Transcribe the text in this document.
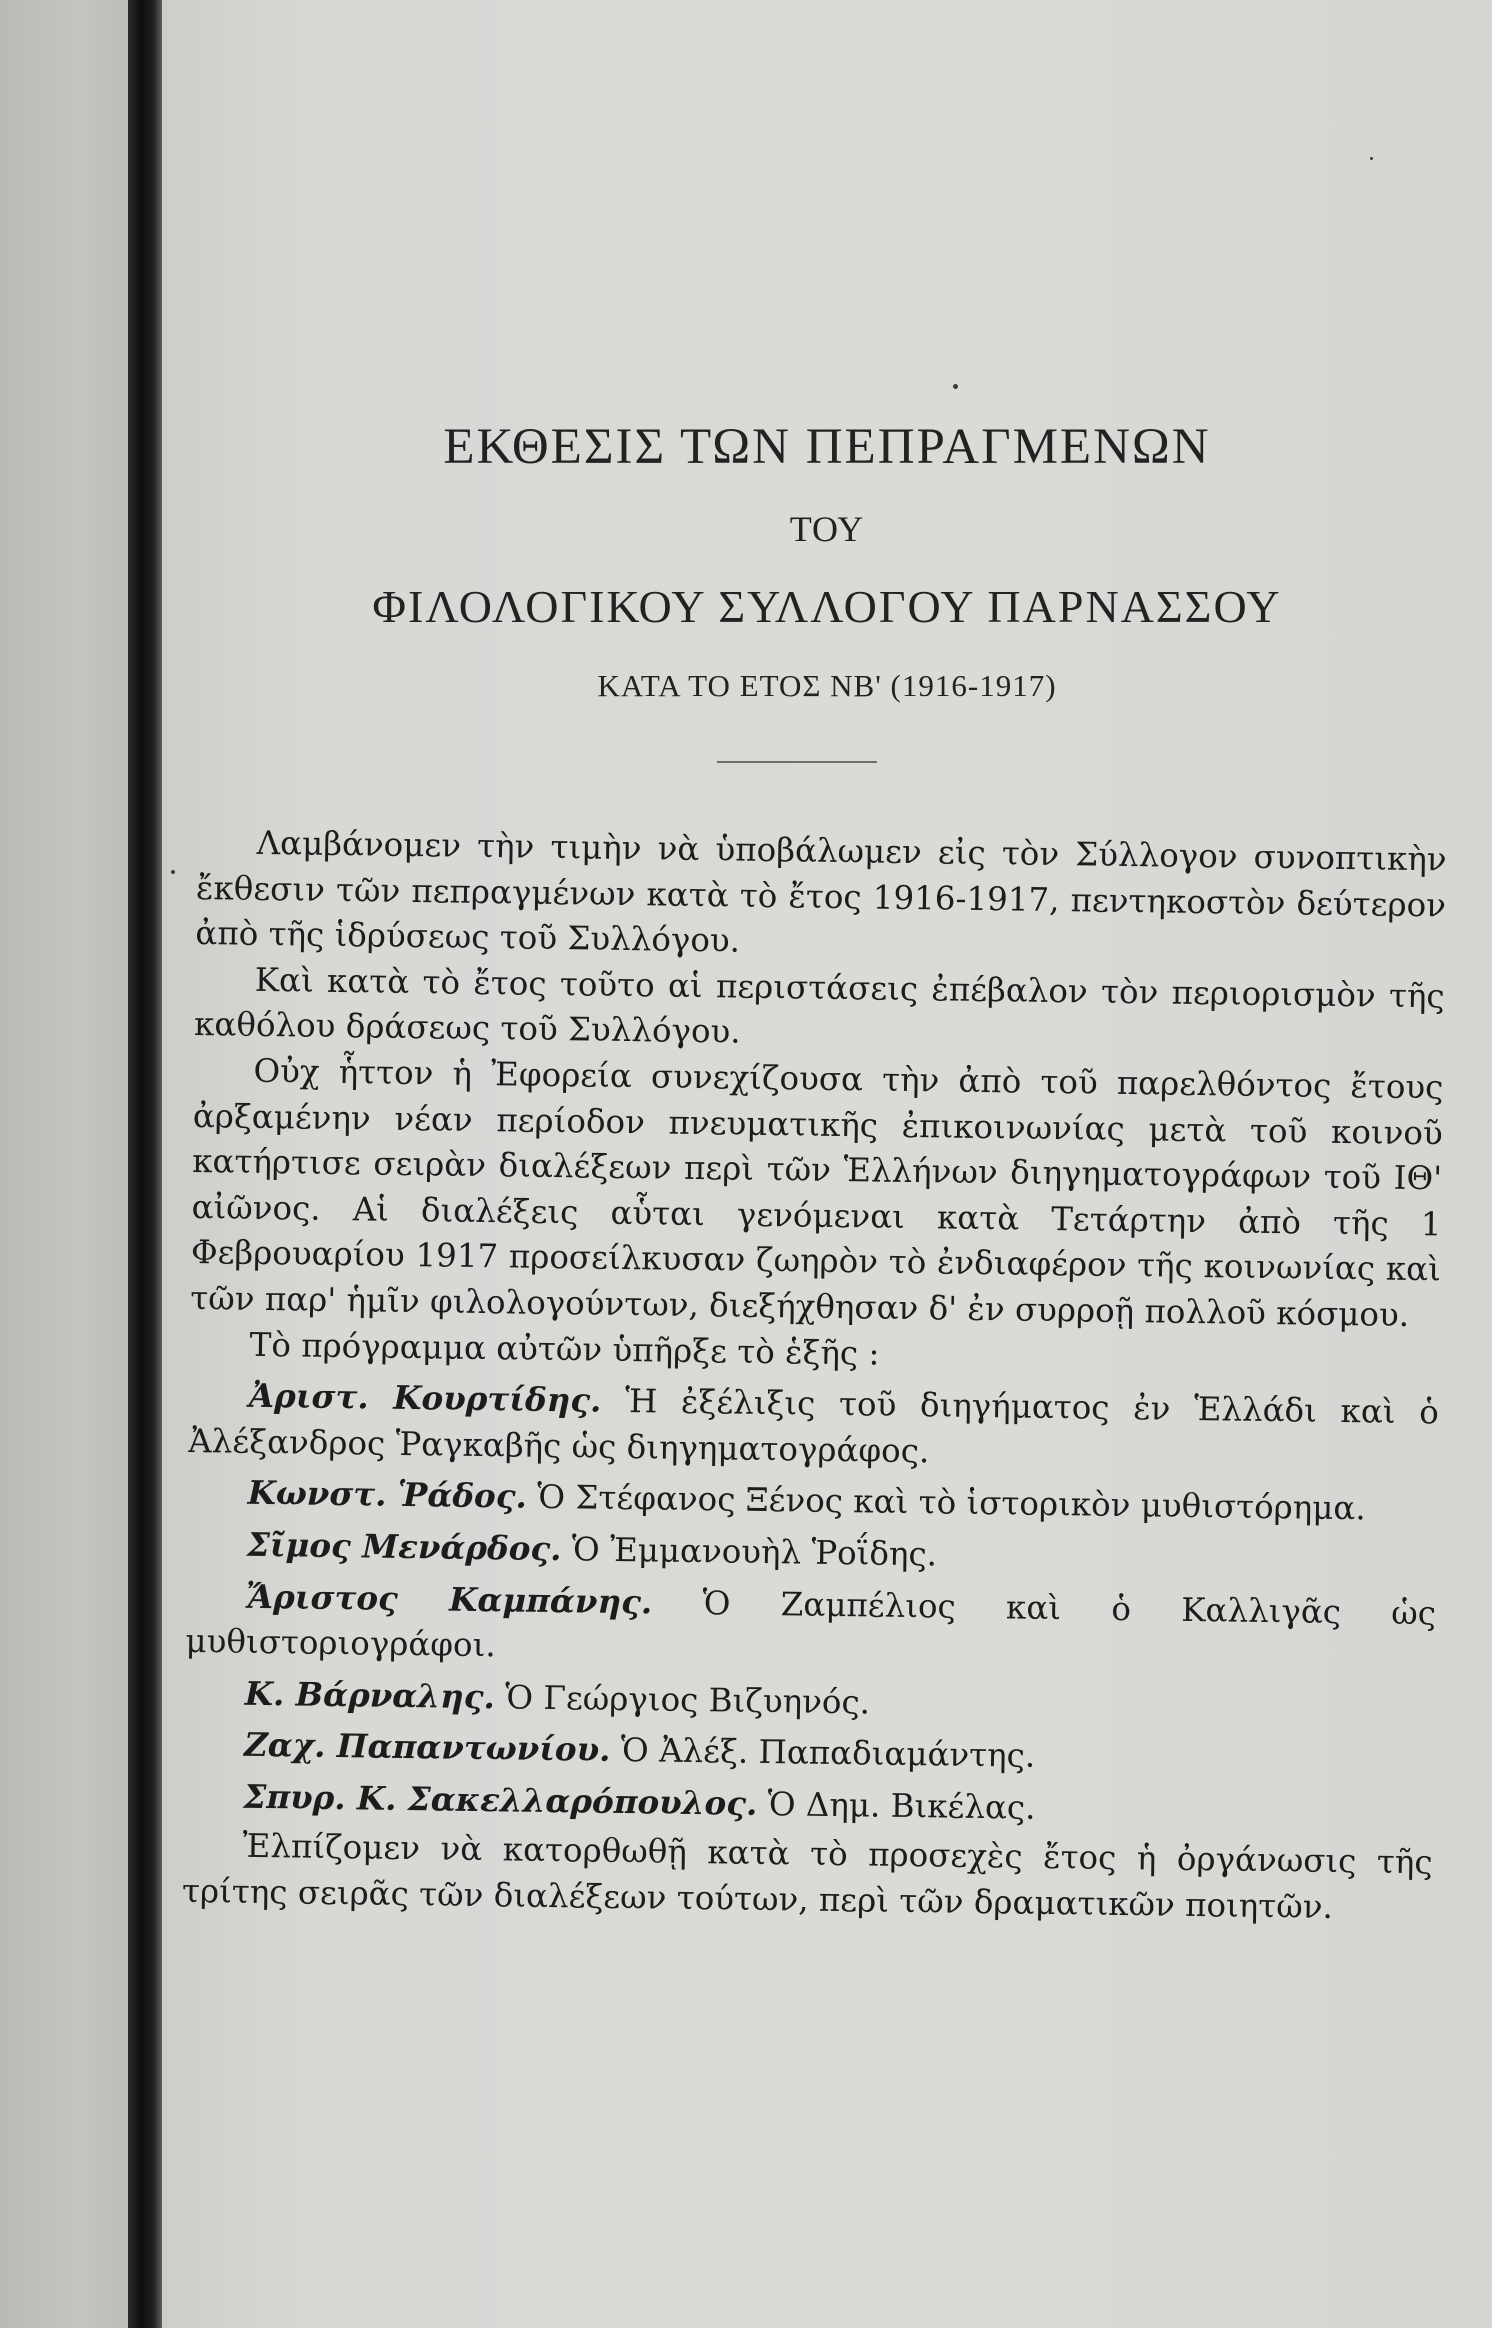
ΕΚΘΕΣΙΣ ΤΩΝ ΠΕΠΡΑΓΜΕΝΩΝ
ΤΟΥ
ΦΙΛΟΛΟΓΙΚΟΥ ΣΥΛΛΟΓΟΥ ΠΑΡΝΑΣΣΟΥ
ΚΑΤΑ ΤΟ ΕΤΟΣ ΝΒ' (1916-1917)

Λαμβάνομεν τὴν τιμὴν νὰ ὑποβάλωμεν εἰς τὸν Σύλλογον συνοπτικὴν ἔκθεσιν τῶν πεπραγμένων κατὰ τὸ ἔτος 1916-1917, πεντηκοστὸν δεύτερον ἀπὸ τῆς ἱδρύσεως τοῦ Συλλόγου.

Καὶ κατὰ τὸ ἔτος τοῦτο αἱ περιστάσεις ἐπέβαλον τὸν περιορισμὸν τῆς καθόλου δράσεως τοῦ Συλλόγου.

Οὐχ ἧττον ἡ Ἐφορεία συνεχίζουσα τὴν ἀπὸ τοῦ παρελθόντος ἔτους ἀρξαμένην νέαν περίοδον πνευματικῆς ἐπικοινωνίας μετὰ τοῦ κοινοῦ κατήρτισε σειρὰν διαλέξεων περὶ τῶν Ἑλλήνων διηγηματογράφων τοῦ ΙΘ' αἰῶνος. Αἱ διαλέξεις αὗται γενόμεναι κατὰ Τετάρτην ἀπὸ τῆς 1 Φεβρουαρίου 1917 προσείλκυσαν ζωηρὸν τὸ ἐνδιαφέρον τῆς κοινωνίας καὶ τῶν παρ' ἡμῖν φιλολογούντων, διεξήχθησαν δ' ἐν συρροῇ πολλοῦ κόσμου.

Τὸ πρόγραμμα αὐτῶν ὑπῆρξε τὸ ἑξῆς :

Ἀριστ. Κουρτίδης. Ἡ ἐξέλιξις τοῦ διηγήματος ἐν Ἑλλάδι καὶ ὁ Ἀλέξανδρος Ῥαγκαβῆς ὡς διηγηματογράφος.

Κωνστ. Ῥάδος. Ὁ Στέφανος Ξένος καὶ τὸ ἱστορικὸν μυθιστόρημα.

Σῖμος Μενάρδος. Ὁ Ἐμμανουὴλ Ῥοΐδης.

Ἄριστος Καμπάνης. Ὁ Ζαμπέλιος καὶ ὁ Καλλιγᾶς ὡς μυθιστοριογράφοι.

Κ. Βάρναλης. Ὁ Γεώργιος Βιζυηνός.

Ζαχ. Παπαντωνίου. Ὁ Ἀλέξ. Παπαδιαμάντης.

Σπυρ. Κ. Σακελλαρόπουλος. Ὁ Δημ. Βικέλας.

Ἐλπίζομεν νὰ κατορθωθῇ κατὰ τὸ προσεχὲς ἔτος ἡ ὀργάνωσις τῆς τρίτης σειρᾶς τῶν διαλέξεων τούτων, περὶ τῶν δραματικῶν ποιητῶν.
